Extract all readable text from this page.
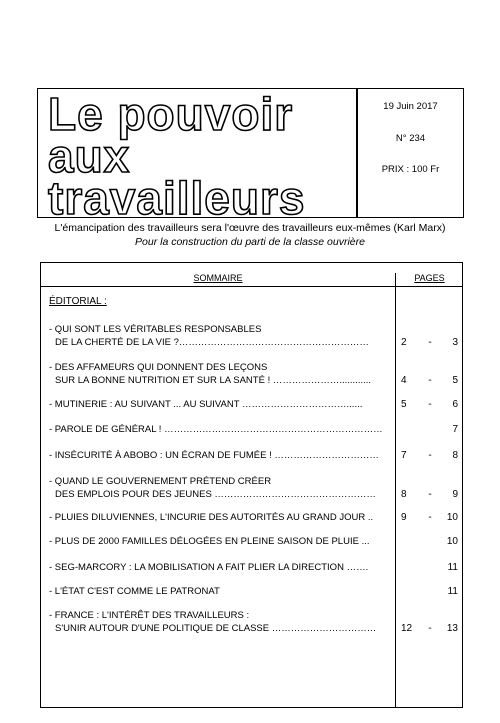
Le pouvoir
aux
travailleurs
19 Juin 2017
N° 234
PRIX : 100 Fr
L'émancipation des travailleurs sera l'œuvre des travailleurs eux-mêmes (Karl Marx)
Pour la construction du parti de la classe ouvrière
SOMMAIRE	PAGES
ÉDITORIAL :
- QUI SONT LES VÉRITABLES RESPONSABLES
DE LA CHERTÉ DE LA VIE ?……………………………………………………	2	-	3
- DES AFFAMEURS QUI DONNENT DES LEÇONS
SUR LA BONNE NUTRITION ET SUR LA SANTÉ ! …………………............	4	-	5
- MUTINERIE : AU SUIVANT ... AU SUIVANT ……………………………......	5	-	6
- PAROLE DE GÉNÉRAL ! ……………………………………………………………	7
- INSÉCURITÉ À ABOBO : UN ÉCRAN DE FUMÉE ! ……………………………	7	-	8
- QUAND LE GOUVERNEMENT PRÉTEND CRÉER
DES EMPLOIS POUR DES JEUNES ……………………………………………	8	-	9
- PLUIES DILUVIENNES, L'INCURIE DES AUTORITÉS AU GRAND JOUR ..	9	-	10
- PLUS DE 2000 FAMILLES DÉLOGÉES EN PLEINE SAISON DE PLUIE ...	10
- SEG-MARCORY : LA MOBILISATION A FAIT PLIER LA DIRECTION …….	11
- L'ÉTAT C'EST COMME LE PATRONAT	11
- FRANCE : L'INTÉRÊT DES TRAVAILLEURS :
S'UNIR AUTOUR D'UNE POLITIQUE DE CLASSE ……………………………	12	-	13
